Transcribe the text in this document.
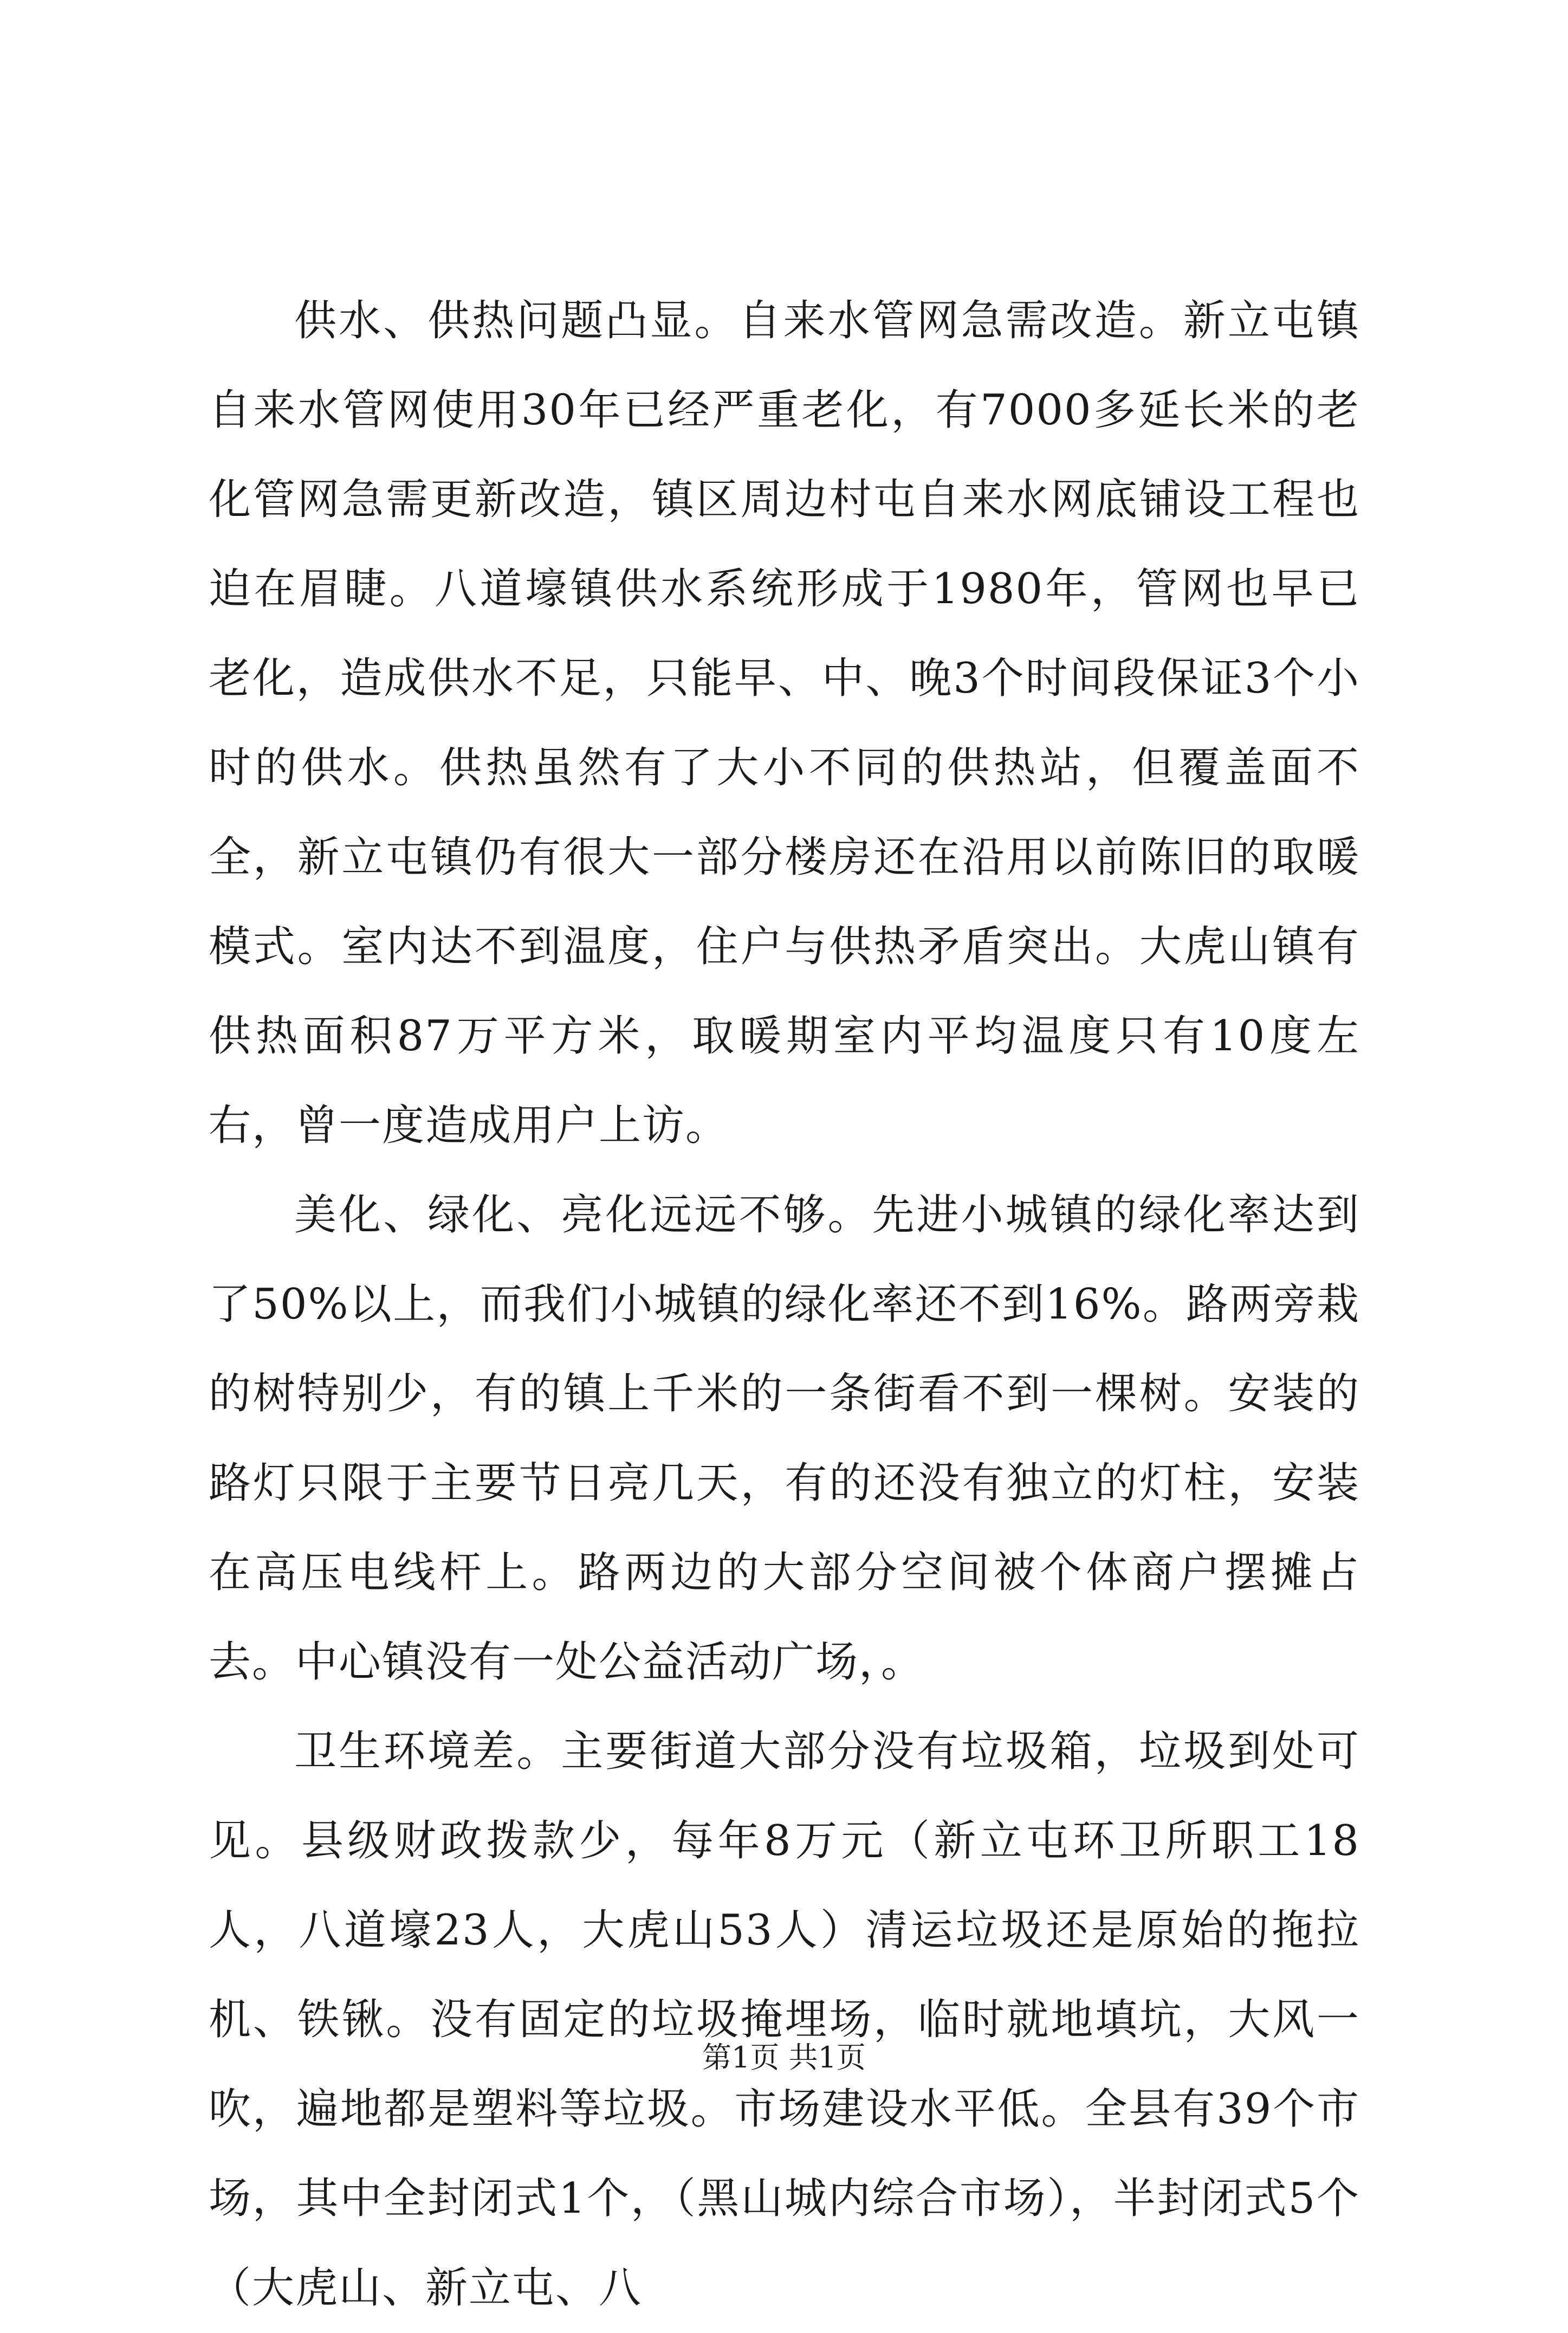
供水、供热问题凸显。自来水管网急需改造。新立屯镇自来水管网使用30年已经严重老化，有7000多延长米的老化管网急需更新改造，镇区周边村屯自来水网底铺设工程也迫在眉睫。八道壕镇供水系统形成于1980年，管网也早已老化，造成供水不足，只能早、中、晚3个时间段保证3个小时的供水。供热虽然有了大小不同的供热站，但覆盖面不全，新立屯镇仍有很大一部分楼房还在沿用以前陈旧的取暖模式。室内达不到温度，住户与供热矛盾突出。大虎山镇有供热面积87万平方米，取暖期室内平均温度只有10度左右，曾一度造成用户上访。

美化、绿化、亮化远远不够。先进小城镇的绿化率达到了50%以上，而我们小城镇的绿化率还不到16%。路两旁栽的树特别少，有的镇上千米的一条街看不到一棵树。安装的路灯只限于主要节日亮几天，有的还没有独立的灯柱，安装在高压电线杆上。路两边的大部分空间被个体商户摆摊占去。中心镇没有一处公益活动广场，。

卫生环境差。主要街道大部分没有垃圾箱，垃圾到处可见。县级财政拨款少，每年8万元（新立屯环卫所职工18人，八道壕23人，大虎山53人）清运垃圾还是原始的拖拉机、铁锹。没有固定的垃圾掩埋场，临时就地填坑，大风一吹，遍地都是塑料等垃圾。市场建设水平低。全县有39个市场，其中全封闭式1个，（黑山城内综合市场），半封闭式5个（大虎山、新立屯、八

第1页 共1页
